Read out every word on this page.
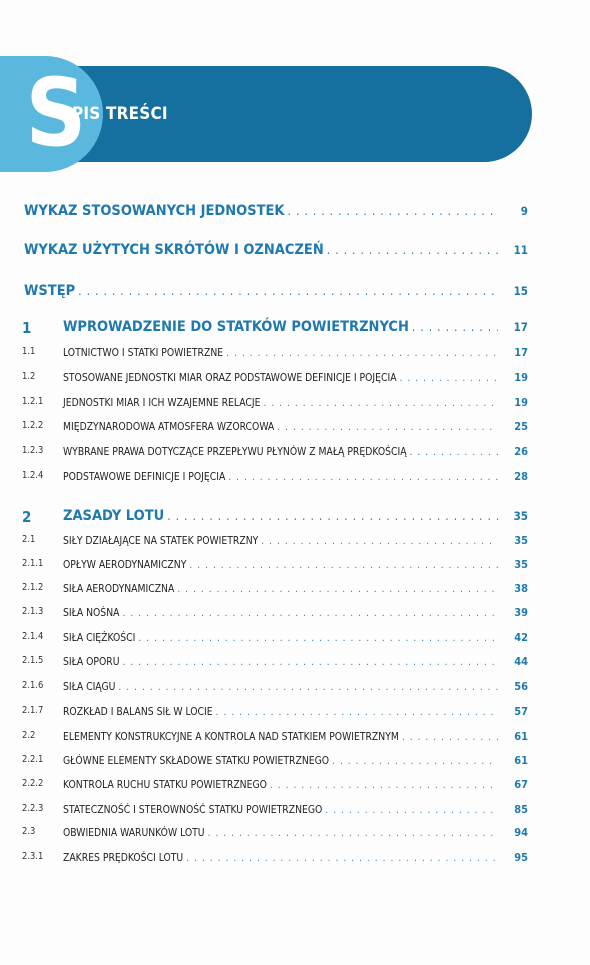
S
PIS TREŚCI
WYKAZ STOSOWANYCH JEDNOSTEK .....	9
WYKAZ UŻYTYCH SKRÓTÓW I OZNACZEŃ .....	11
WSTĘP .....	15
1 WPROWADZENIE DO STATKÓW POWIETRZNYCH .....	17
1.1	LOTNICTWO I STATKI POWIETRZNE .....	17
1.2	STOSOWANE JEDNOSTKI MIAR ORAZ PODSTAWOWE DEFINICJE I POJĘCIA .....	19
1.2.1 JEDNOSTKI MIAR I ICH WZAJEMNE RELACJE .....	19
1.2.2 MIĘDZYNARODOWA ATMOSFERA WZORCOWA .....	25
1.2.3 WYBRANE PRAWA DOTYCZĄCE PRZEPŁYWU PŁYNÓW Z MAŁĄ PRĘDKOŚCIĄ .....	26
1.2.4 PODSTAWOWE DEFINICJE I POJĘCIA .....	28
2 ZASADY LOTU .....	35
2.1	SIŁY DZIAŁAJĄCE NA STATEK POWIETRZNY .....	35
2.1.1 OPŁYW AERODYNAMICZNY .....	35
2.1.2 SIŁA AERODYNAMICZNA .....	38
2.1.3 SIŁA NOŚNA .....	39
2.1.4 SIŁA CIĘŻKOŚCI .....	42
2.1.5 SIŁA OPORU .....	44
2.1.6 SIŁA CIĄGU .....	56
2.1.7 ROZKŁAD I BALANS SIŁ W LOCIE .....	57
2.2	ELEMENTY KONSTRUKCYJNE A KONTROLA NAD STATKIEM POWIETRZNYM .....	61
2.2.1 GŁÓWNE ELEMENTY SKŁADOWE STATKU POWIETRZNEGO .....	61
2.2.2 KONTROLA RUCHU STATKU POWIETRZNEGO .....	67
2.2.3 STATECZNOŚĆ I STEROWNOŚĆ STATKU POWIETRZNEGO .....	85
2.3	OBWIEDNIA WARUNKÓW LOTU .....	94
2.3.1 ZAKRES PRĘDKOŚCI LOTU .....	95
